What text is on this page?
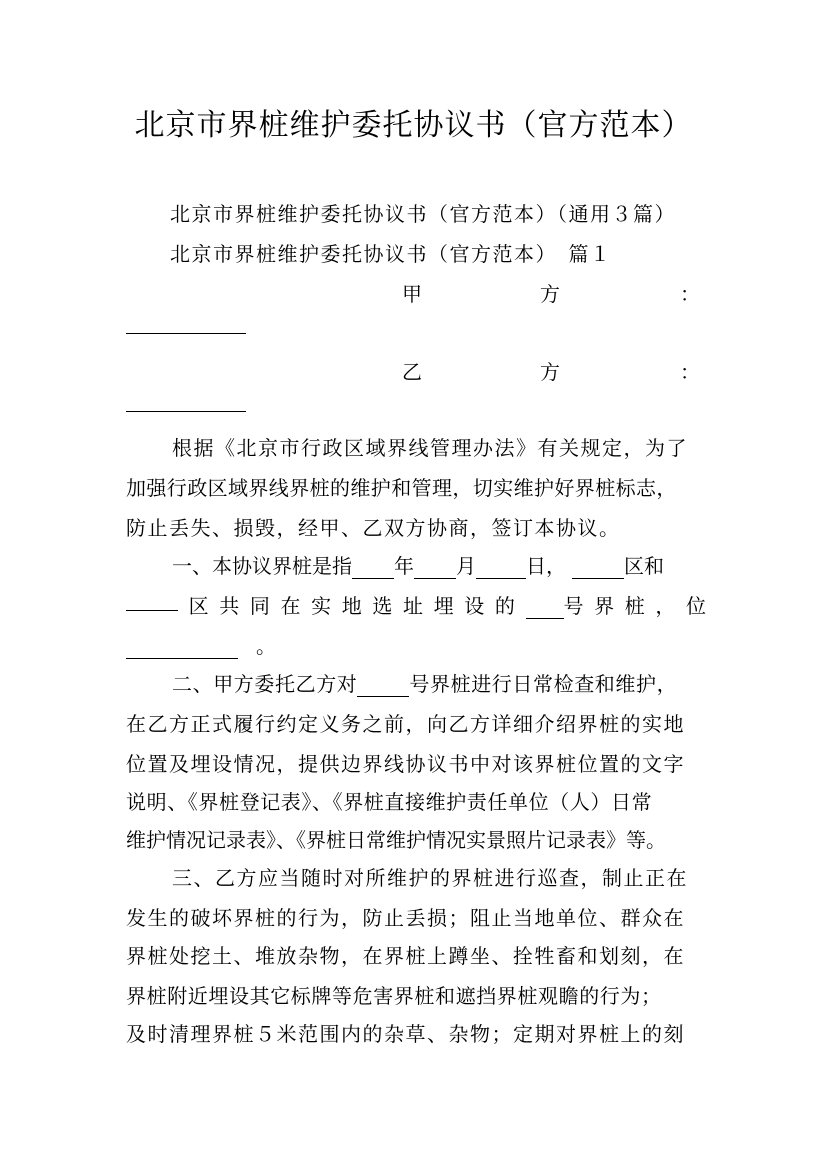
北京市界桩维护委托协议书（官方范本）
北京市界桩维护委托协议书（官方范本）（通用３篇）
北京市界桩维护委托协议书（官方范本）　篇１
甲	方	：
乙	方	：
根据《北京市行政区域界线管理办法》有关规定，为了
加强行政区域界线界桩的维护和管理，切实维护好界桩标志，
防止丢失、损毁，经甲、乙双方协商，签订本协议。
一、本协议界桩是指 年 月	日，	区和
区 共 同 在 实 地 选 址 埋 设 的	号 界 桩 ， 位
。
二、甲方委托乙方对	号界桩进行日常检查和维护，
在乙方正式履行约定义务之前，向乙方详细介绍界桩的实地
位置及埋设情况，提供边界线协议书中对该界桩位置的文字
说明、《界桩登记表》、《界桩直接维护责任单位（人）日常
维护情况记录表》、《界桩日常维护情况实景照片记录表》等。
三、乙方应当随时对所维护的界桩进行巡查，制止正在
发生的破坏界桩的行为，防止丢损；阻止当地单位、群众在
界桩处挖土、堆放杂物，在界桩上蹲坐、拴牲畜和划刻，在
界桩附近埋设其它标牌等危害界桩和遮挡界桩观瞻的行为；
及时清理界桩５米范围内的杂草、杂物；定期对界桩上的刻
